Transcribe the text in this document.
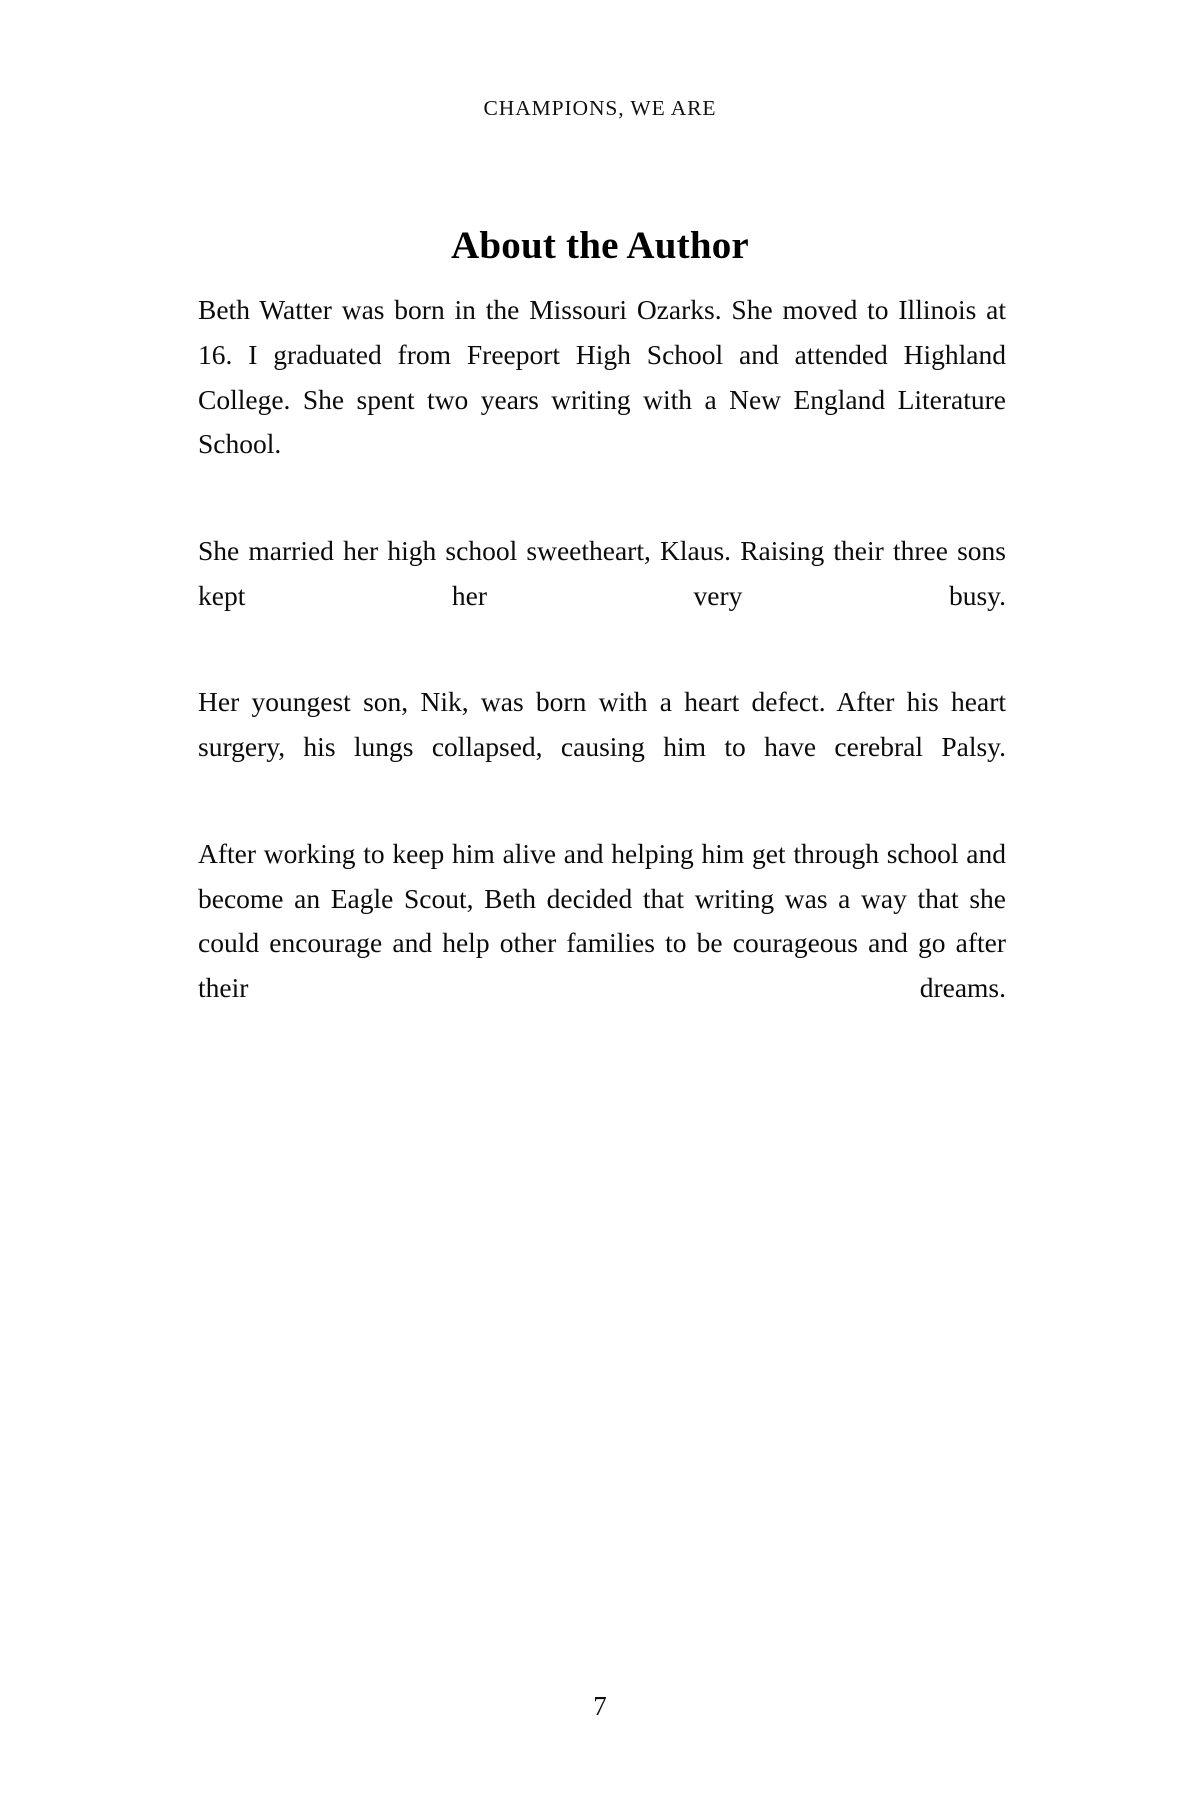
CHAMPIONS, WE ARE
About the Author

Beth Watter was born in the Missouri Ozarks. She moved to Illinois at 16. I graduated from Freeport High School and attended Highland College. She spent two years writing with a New England Literature School.

She married her high school sweetheart, Klaus. Raising their three sons kept her very busy.

Her youngest son, Nik, was born with a heart defect. After his heart surgery, his lungs collapsed, causing him to have cerebral Palsy.

After working to keep him alive and helping him get through school and become an Eagle Scout, Beth decided that writing was a way that she could encourage and help other families to be courageous and go after their dreams.

7
